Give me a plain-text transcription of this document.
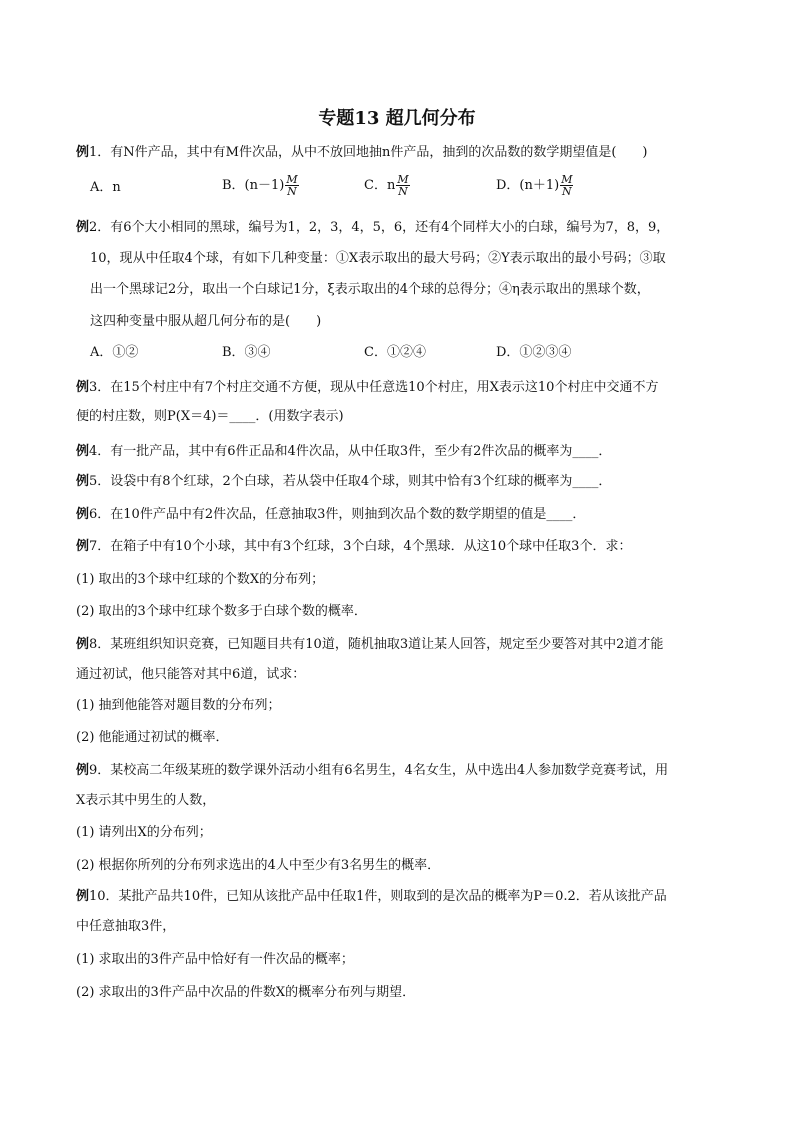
专题13 超几何分布
例1．有N件产品，其中有M件次品，从中不放回地抽n件产品，抽到的次品数的数学期望值是(　　)
A．n	B．$(n-1) \frac{M}{N}$	C．n $\frac{M}{N}$	D．$(n+1) \frac{M}{N}$
例2．有6个大小相同的黑球，编号为1，2，3，4，5，6，还有4个同样大小的白球，编号为7，8，9，
10，现从中任取4个球，有如下几种变量：①X表示取出的最大号码；②Y表示取出的最小号码；③取
出一个黑球记2分，取出一个白球记1分，ξ表示取出的4个球的总得分；④η表示取出的黑球个数，
这四种变量中服从超几何分布的是(　　)
A．①②	B．③④	C．①②④	D．①②③④
例3．在15个村庄中有7个村庄交通不方便，现从中任意选10个村庄，用X表示这10个村庄中交通不方
便的村庄数，则P(X＝4)＝____．(用数字表示)
例4．有一批产品，其中有6件正品和4件次品，从中任取3件，至少有2件次品的概率为____．
例5．设袋中有8个红球，2个白球，若从袋中任取4个球，则其中恰有3个红球的概率为____．
例6．在10件产品中有2件次品，任意抽取3件，则抽到次品个数的数学期望的值是____．
例7．在箱子中有10个小球，其中有3个红球，3个白球，4个黑球．从这10个球中任取3个．求：
(1) 取出的3个球中红球的个数X的分布列；
(2) 取出的3个球中红球个数多于白球个数的概率．
例8．某班组织知识竞赛，已知题目共有10道，随机抽取3道让某人回答，规定至少要答对其中2道才能
通过初试，他只能答对其中6道，试求：
(1) 抽到他能答对题目数的分布列；
(2) 他能通过初试的概率．
例9．某校高二年级某班的数学课外活动小组有6名男生，4名女生，从中选出4人参加数学竞赛考试，用
X表示其中男生的人数，
(1) 请列出X的分布列；
(2) 根据你所列的分布列求选出的4人中至少有3名男生的概率．
例10．某批产品共10件，已知从该批产品中任取1件，则取到的是次品的概率为P＝0.2．若从该批产品
中任意抽取3件，
(1) 求取出的3件产品中恰好有一件次品的概率；
(2) 求取出的3件产品中次品的件数X的概率分布列与期望．
